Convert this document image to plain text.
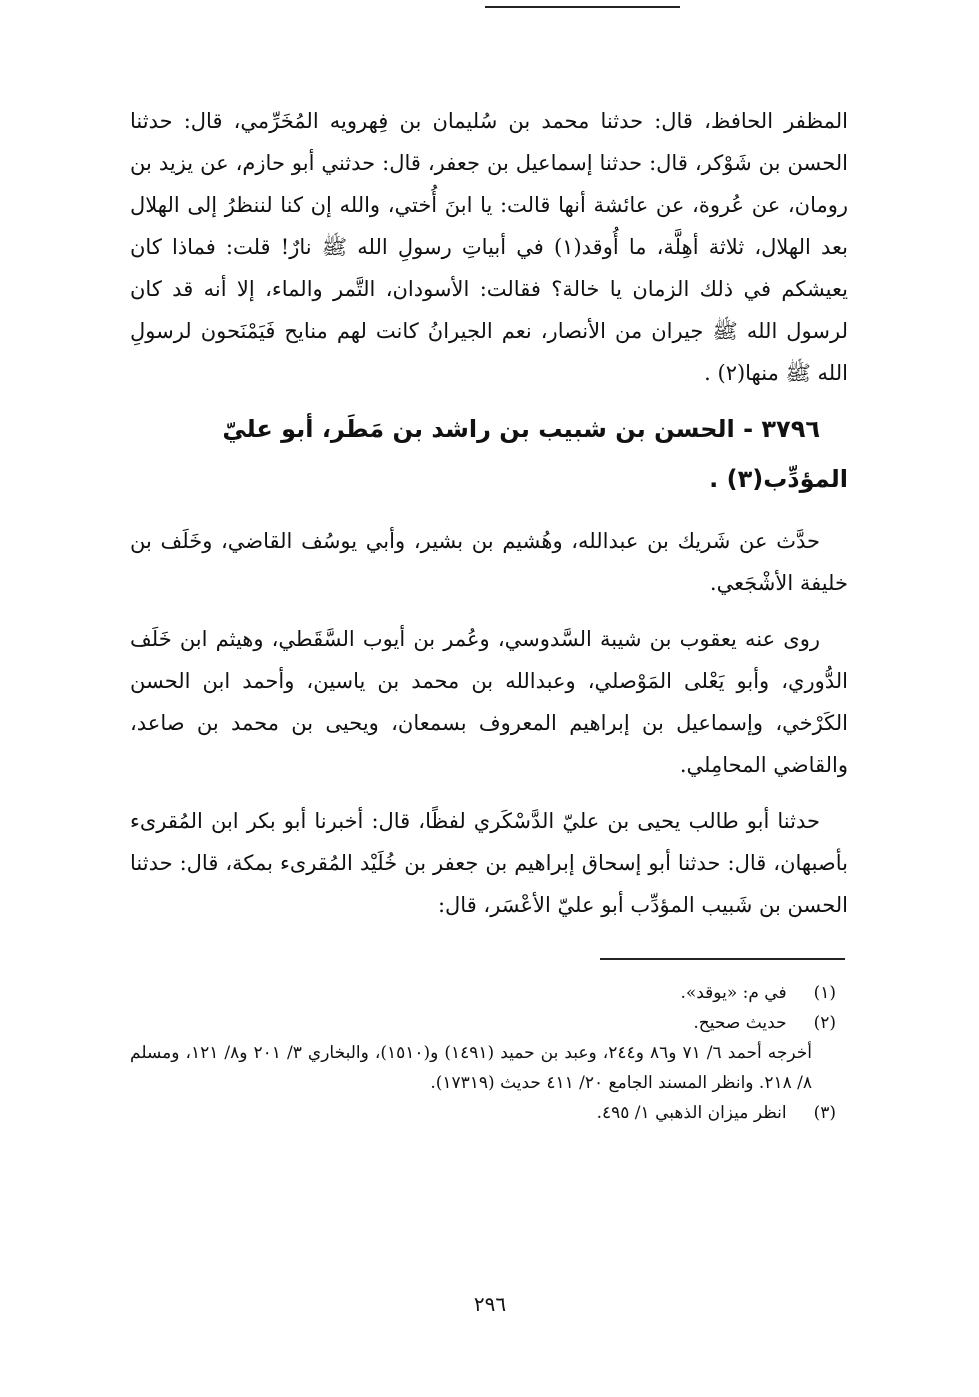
المظفر الحافظ، قال: حدثنا محمد بن سُليمان بن فِهرويه المُخَرِّمي، قال: حدثنا الحسن بن شَوْكر، قال: حدثنا إسماعيل بن جعفر، قال: حدثني أبو حازم، عن يزيد بن رومان، عن عُروة، عن عائشة أنها قالت: يا ابنَ أُختي، والله إن كنا لننظرُ إلى الهلال بعد الهلال، ثلاثة أهِلَّة، ما أُوقد(١) في أبياتِ رسولِ الله ﷺ نارٌ! قلت: فماذا كان يعيشكم في ذلك الزمان يا خالة؟ فقالت: الأسودان، التَّمر والماء، إلا أنه قد كان لرسول الله ﷺ جيران من الأنصار، نعم الجيرانُ كانت لهم منايح فَيَمْنَحون لرسولِ الله ﷺ منها(٢) .

٣٧٩٦ - الحسن بن شبيب بن راشد بن مَطَر، أبو عليّ المؤدِّب(٣) .

حدَّث عن شَريك بن عبدالله، وهُشيم بن بشير، وأبي يوسُف القاضي، وخَلَف بن خليفة الأشْجَعي.

روى عنه يعقوب بن شيبة السَّدوسي، وعُمر بن أيوب السَّقَطي، وهيثم ابن خَلَف الدُّوري، وأبو يَعْلى المَوْصلي، وعبدالله بن محمد بن ياسين، وأحمد ابن الحسن الكَرْخي، وإسماعيل بن إبراهيم المعروف بسمعان، ويحيى بن محمد بن صاعد، والقاضي المحامِلي.

حدثنا أبو طالب يحيى بن عليّ الدَّسْكَري لفظًا، قال: أخبرنا أبو بكر ابن المُقرىء بأصبهان، قال: حدثنا أبو إسحاق إبراهيم بن جعفر بن خُلَيْد المُقرىء بمكة، قال: حدثنا الحسن بن شَبيب المؤدِّب أبو عليّ الأعْسَر، قال:

(١) في م: «يوقد».

(٢) حديث صحيح.

أخرجه أحمد ٦/ ٧١ و٨٦ و٢٤٤، وعبد بن حميد (١٤٩١) و(١٥١٠)، والبخاري ٣/ ٢٠١ و٨/ ١٢١، ومسلم ٨/ ٢١٨. وانظر المسند الجامع ٢٠/ ٤١١ حديث (١٧٣١٩).

(٣) انظر ميزان الذهبي ١/ ٤٩٥.

٢٩٦
